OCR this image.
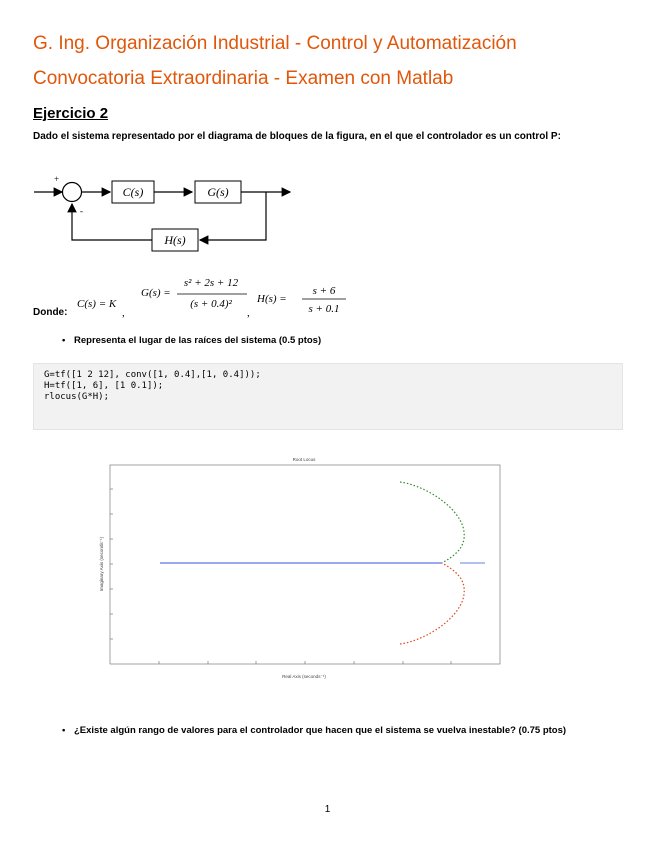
G. Ing. Organización Industrial - Control y Automatización
Convocatoria Extraordinaria - Examen con Matlab
Ejercicio 2
Dado el sistema representado por el diagrama de bloques de la figura, en el que el controlador es un control P:
+
-
C(s)	G(s)
H(s)
Donde:
C(s) = K
,
G(s) =
s² + 2s + 12
(s + 0.4)²
,
H(s) =
s + 6
s + 0.1
• Representa el lugar de las raíces del sistema (0.5 ptos)
G=tf([1 2 12], conv([1, 0.4],[1, 0.4]));
H=tf([1, 6], [1 0.1]);
rlocus(G*H);
Root Locus
Real Axis (seconds⁻¹)
Imaginary Axis (seconds⁻¹)
• ¿Existe algún rango de valores para el controlador que hacen que el sistema se vuelva inestable? (0.75 ptos)
1
